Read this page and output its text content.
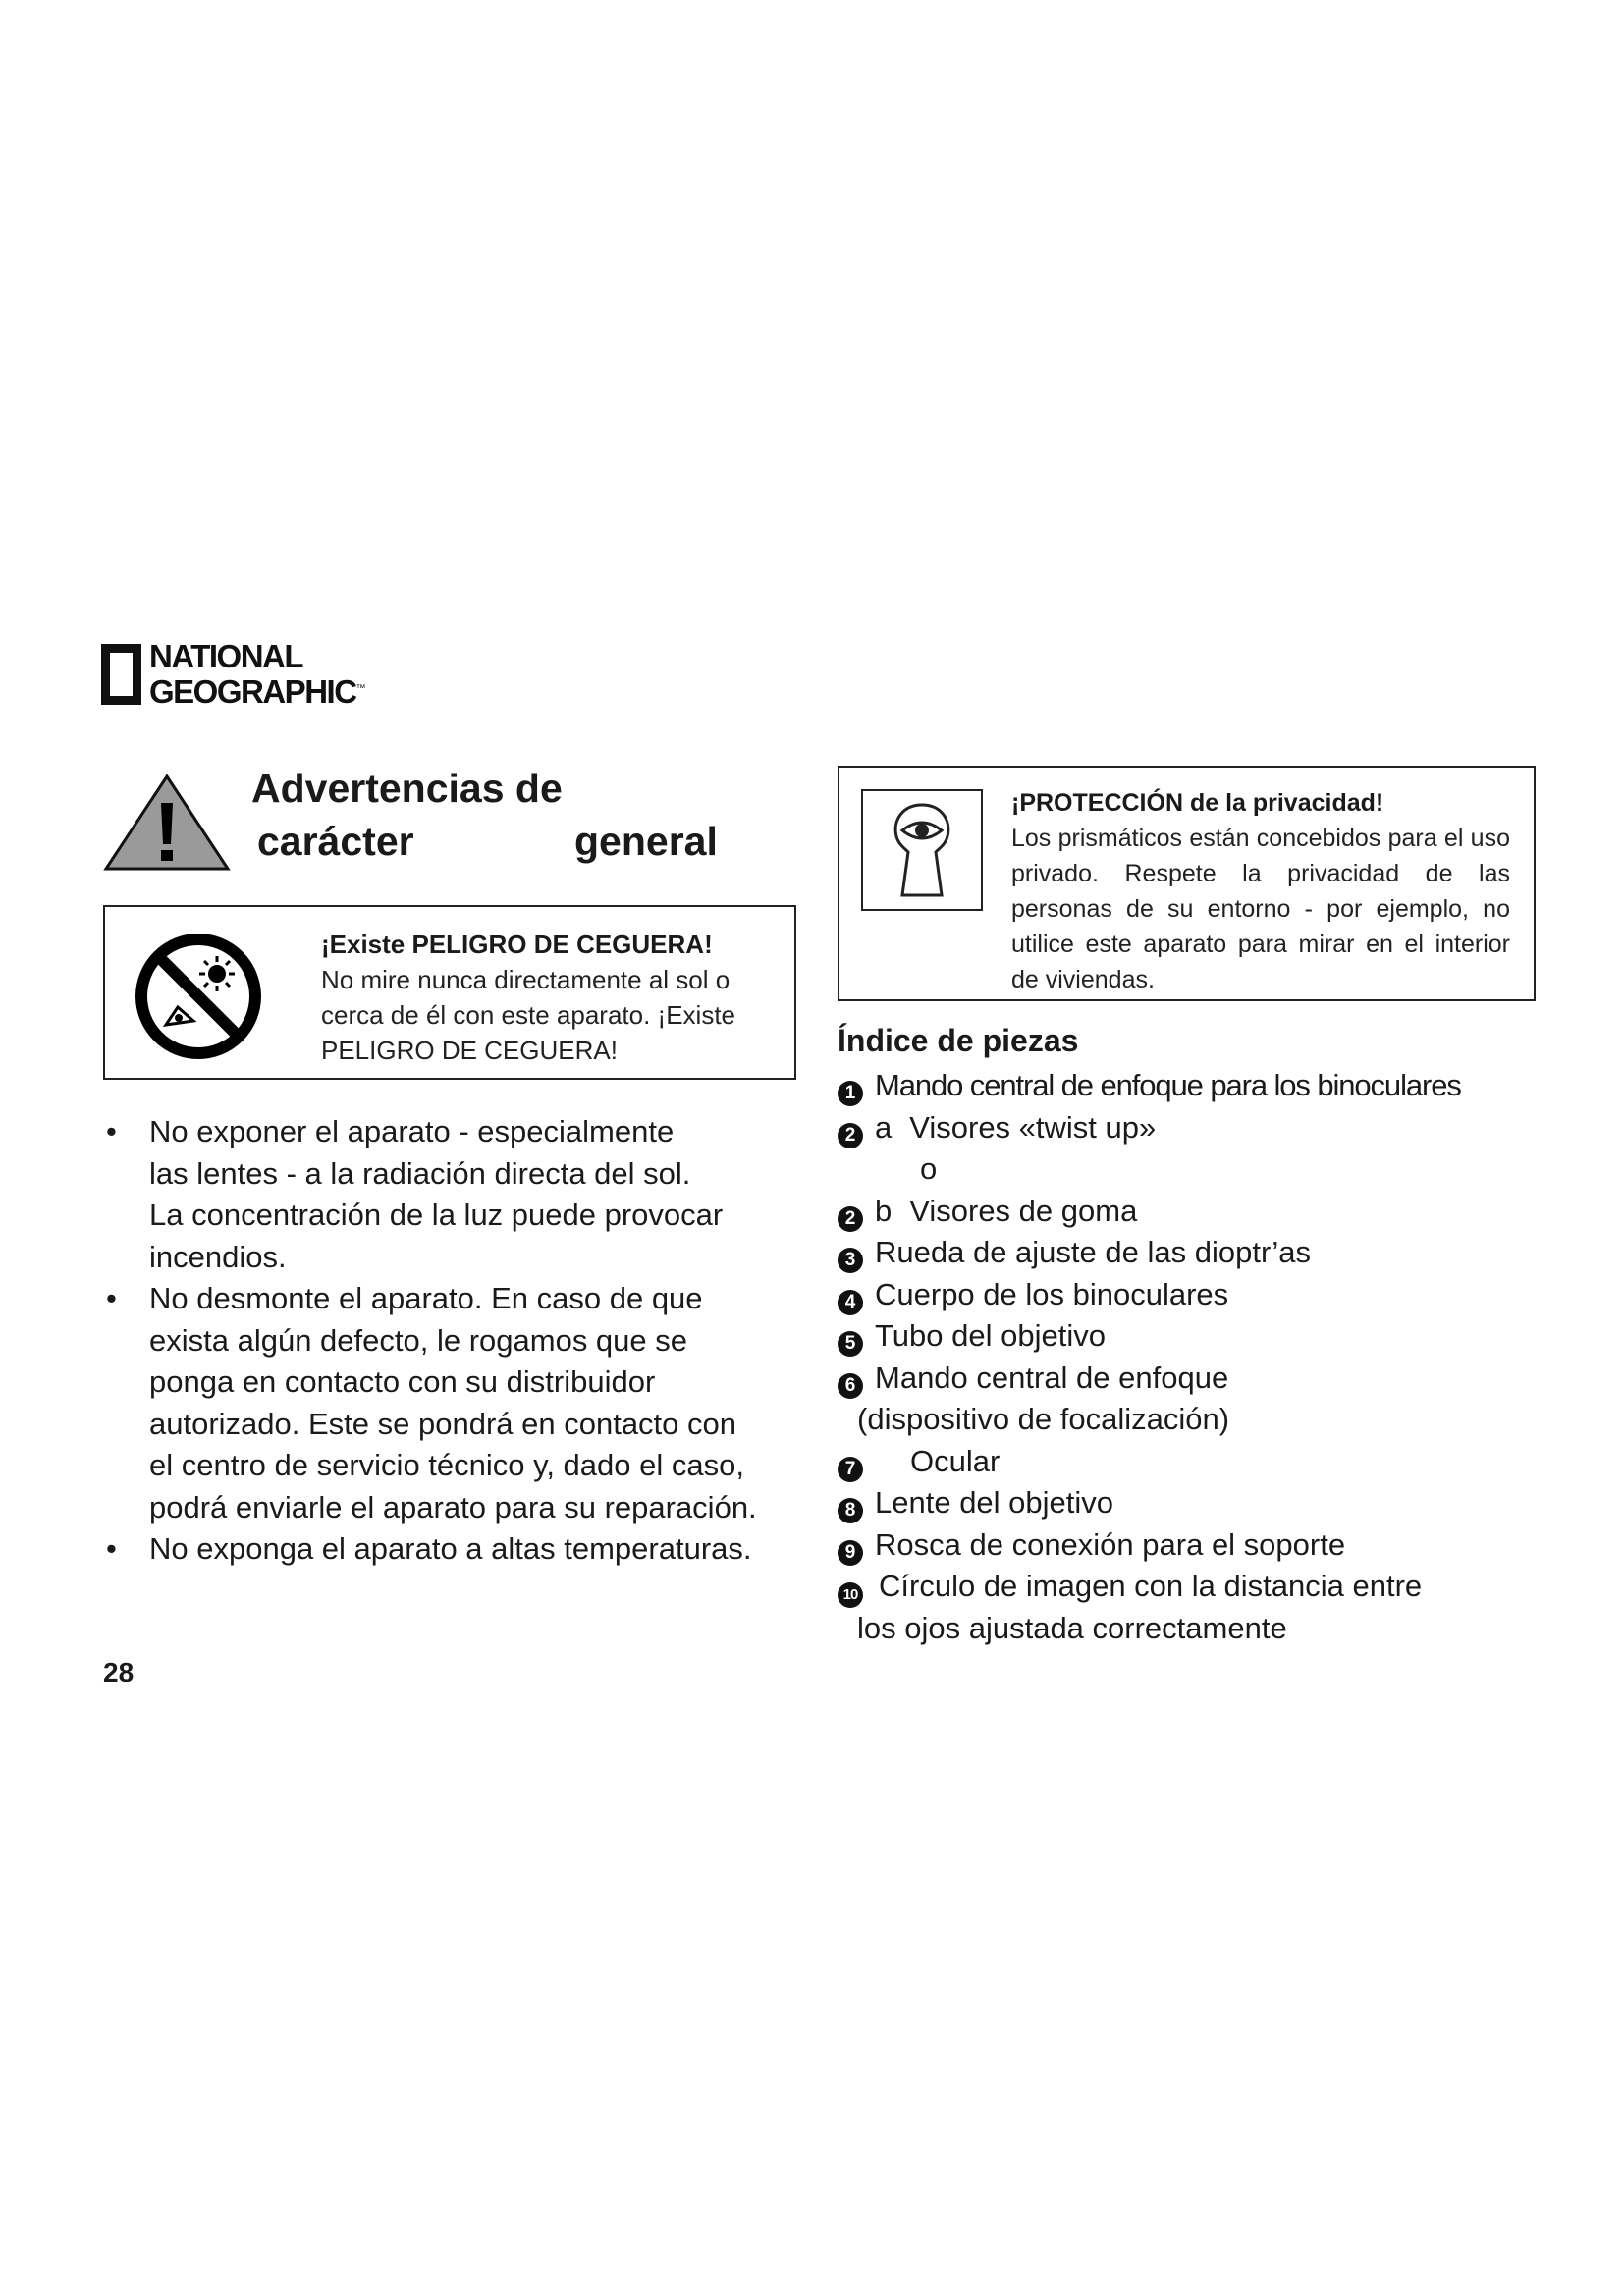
NATIONAL
GEOGRAPHIC™
Advertencias de
carácter	general
¡Existe PELIGRO DE CEGUERA!
No mire nunca directamente al sol o
cerca de él con este aparato. ¡Existe
PELIGRO DE CEGUERA!
• No exponer el aparato - especialmente
las lentes - a la radiación directa del sol.
La concentración de la luz puede provocar
incendios.
• No desmonte el aparato. En caso de que
exista algún defecto, le rogamos que se
ponga en contacto con su distribuidor
autorizado. Este se pondrá en contacto con
el centro de servicio técnico y, dado el caso,
podrá enviarle el aparato para su reparación.
• No exponga el aparato a altas temperaturas.
28
¡PROTECCIÓN de la privacidad!
Los prismáticos están concebidos para el uso privado. Respete la privacidad de las personas de su entorno - por ejemplo, no utilice este aparato para mirar en el interior de viviendas.
Índice de piezas
1 Mando central de enfoque para los binoculares
2 a Visores «twist up»
o
2 b Visores de goma
3 Rueda de ajuste de las dioptr’as
4 Cuerpo de los binoculares
5 Tubo del objetivo
6 Mando central de enfoque
(dispositivo de focalización)
7 Ocular
8 Lente del objetivo
9 Rosca de conexión para el soporte
10 Círculo de imagen con la distancia entre
los ojos ajustada correctamente
